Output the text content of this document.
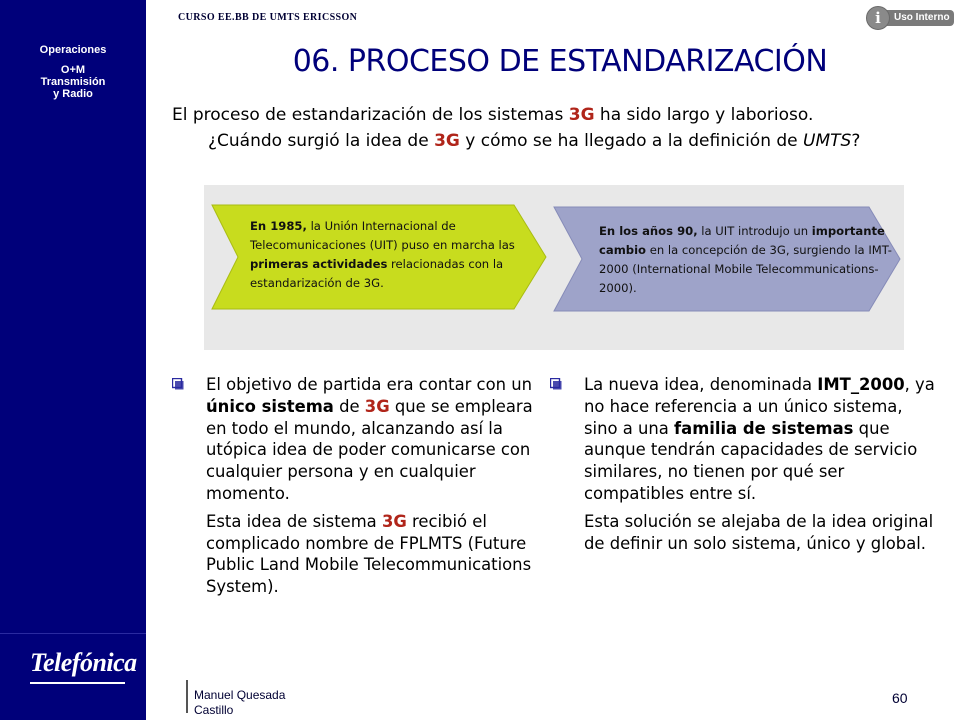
Operaciones
O+M
Transmisión
y Radio
Telefónica
CURSO EE.BB DE UMTS ERICSSON	Uso Interno
i
06. PROCESO DE ESTANDARIZACIÓN
El proceso de estandarización de los sistemas 3G ha sido largo y laborioso.
¿Cuándo surgió la idea de 3G y cómo se ha llegado a la definición de UMTS?
En 1985, la Unión Internacional de Telecomunicaciones (UIT) puso en marcha las primeras actividades relacionadas con la estandarización de 3G.
En los años 90, la UIT introdujo un importante cambio en la concepción de 3G, surgiendo la IMT-2000 (International Mobile Telecommunications-2000).
El objetivo de partida era contar con un único sistema de 3G que se empleara en todo el mundo, alcanzando así la utópica idea de poder comunicarse con cualquier persona y en cualquier momento.
Esta idea de sistema 3G recibió el complicado nombre de FPLMTS (Future Public Land Mobile Telecommunications System).
La nueva idea, denominada IMT_2000, ya no hace referencia a un único sistema, sino a una familia de sistemas que aunque tendrán capacidades de servicio similares, no tienen por qué ser compatibles entre sí.
Esta solución se alejaba de la idea original de definir un solo sistema, único y global.
Manuel Quesada
Castillo
60
